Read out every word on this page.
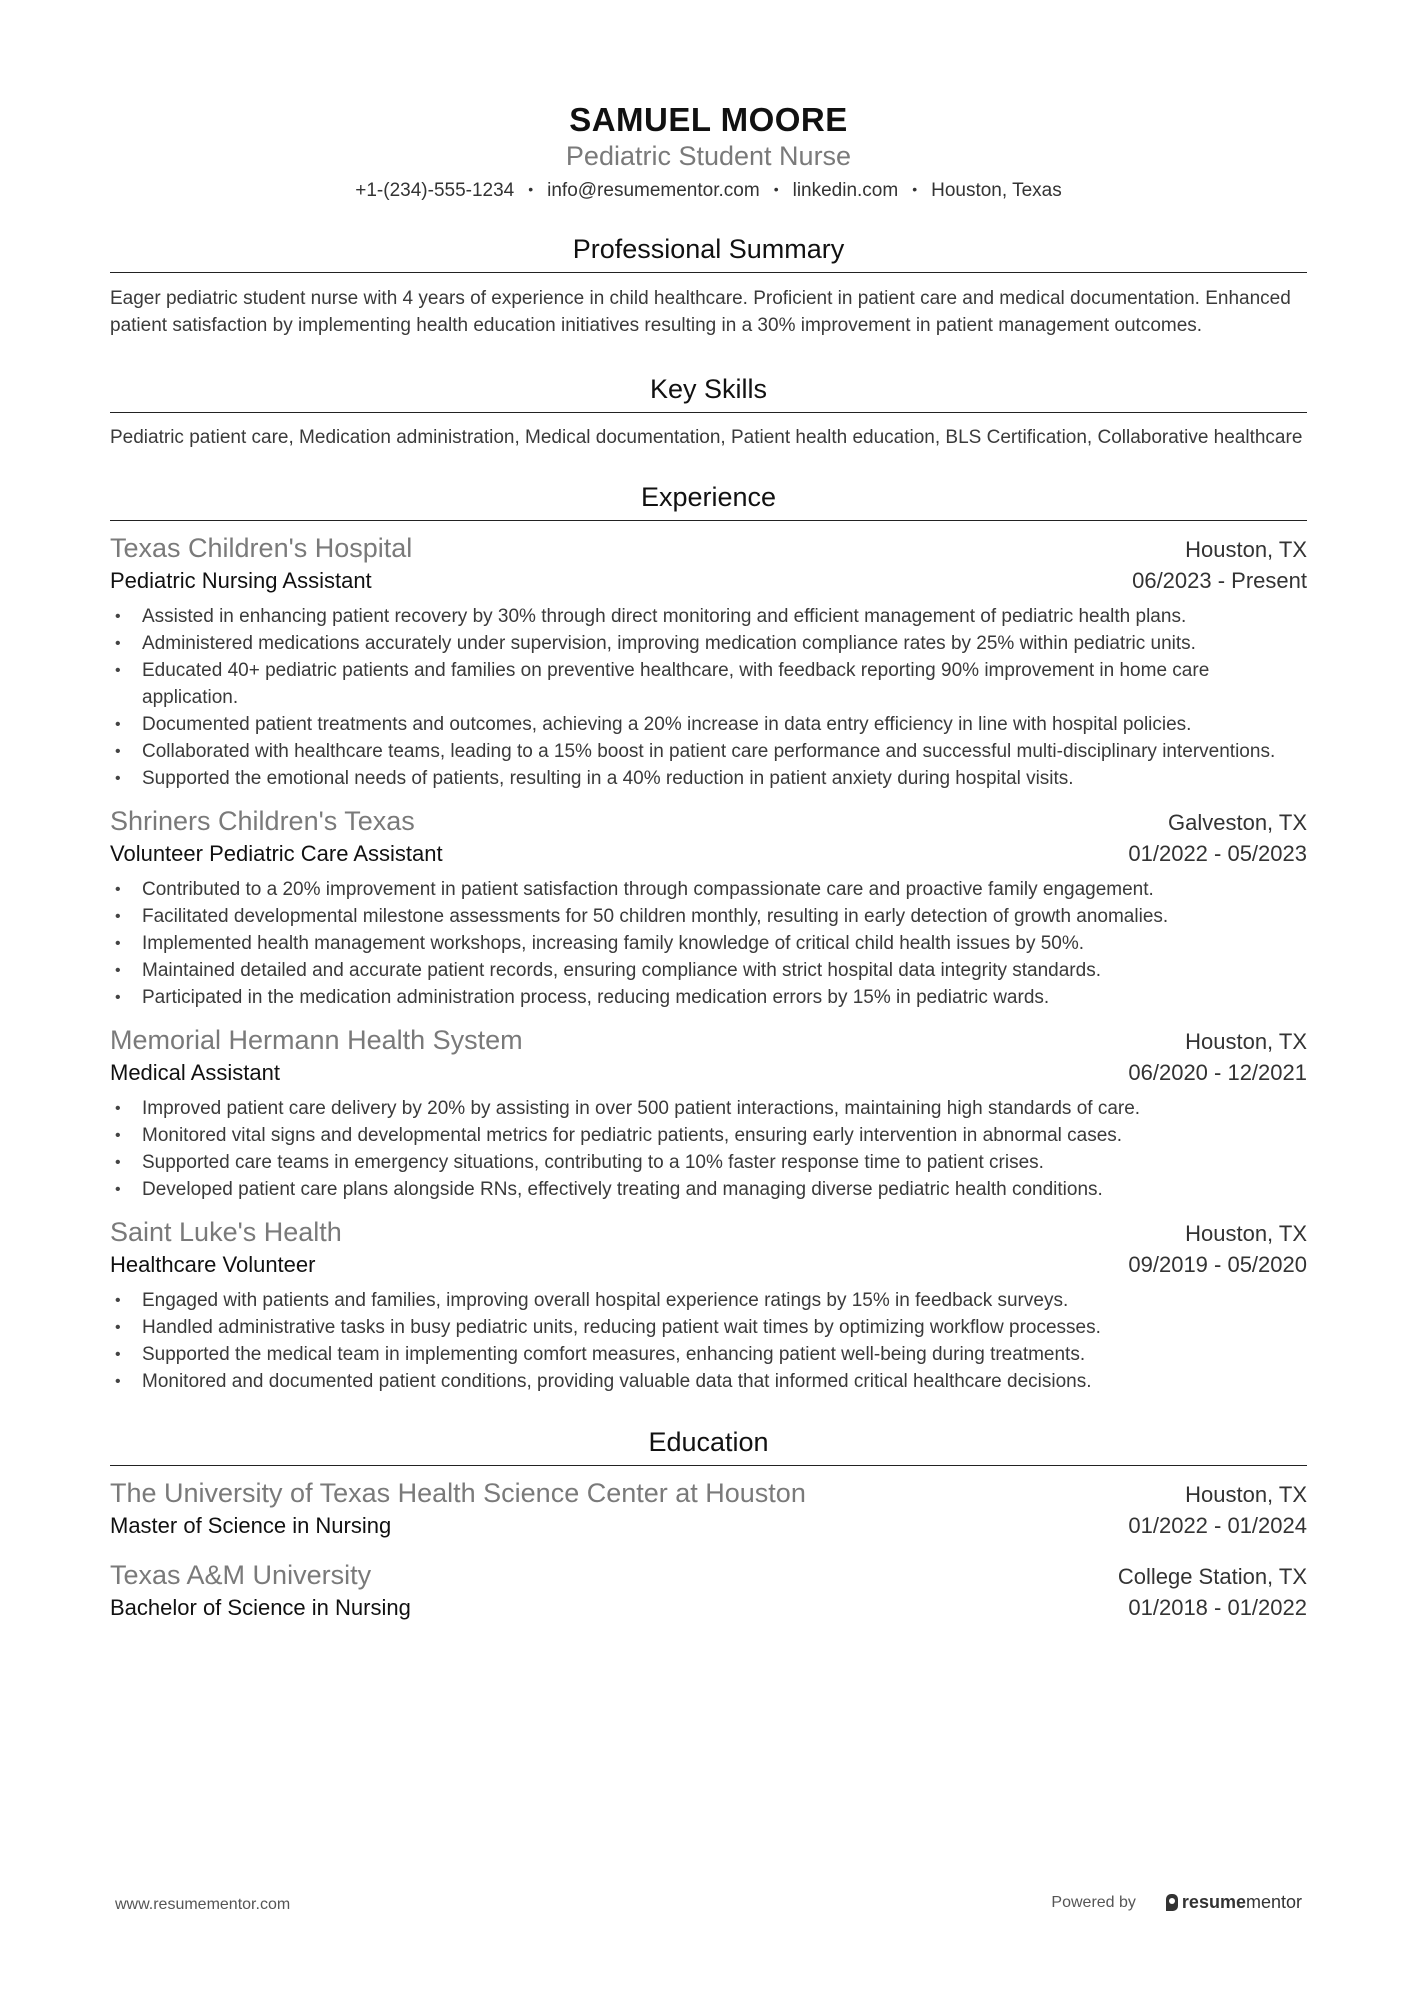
SAMUEL MOORE
Pediatric Student Nurse
+1-(234)-555-1234 • info@resumementor.com • linkedin.com • Houston, Texas
Professional Summary
Eager pediatric student nurse with 4 years of experience in child healthcare. Proficient in patient care and medical documentation. Enhanced patient satisfaction by implementing health education initiatives resulting in a 30% improvement in patient management outcomes.
Key Skills
Pediatric patient care, Medication administration, Medical documentation, Patient health education, BLS Certification, Collaborative healthcare
Experience
Texas Children's Hospital	Houston, TX
Pediatric Nursing Assistant	06/2023 - Present
• Assisted in enhancing patient recovery by 30% through direct monitoring and efficient management of pediatric health plans.
• Administered medications accurately under supervision, improving medication compliance rates by 25% within pediatric units.
• Educated 40+ pediatric patients and families on preventive healthcare, with feedback reporting 90% improvement in home care application.
• Documented patient treatments and outcomes, achieving a 20% increase in data entry efficiency in line with hospital policies.
• Collaborated with healthcare teams, leading to a 15% boost in patient care performance and successful multi-disciplinary interventions.
• Supported the emotional needs of patients, resulting in a 40% reduction in patient anxiety during hospital visits.
Shriners Children's Texas	Galveston, TX
Volunteer Pediatric Care Assistant	01/2022 - 05/2023
• Contributed to a 20% improvement in patient satisfaction through compassionate care and proactive family engagement.
• Facilitated developmental milestone assessments for 50 children monthly, resulting in early detection of growth anomalies.
• Implemented health management workshops, increasing family knowledge of critical child health issues by 50%.
• Maintained detailed and accurate patient records, ensuring compliance with strict hospital data integrity standards.
• Participated in the medication administration process, reducing medication errors by 15% in pediatric wards.
Memorial Hermann Health System	Houston, TX
Medical Assistant	06/2020 - 12/2021
• Improved patient care delivery by 20% by assisting in over 500 patient interactions, maintaining high standards of care.
• Monitored vital signs and developmental metrics for pediatric patients, ensuring early intervention in abnormal cases.
• Supported care teams in emergency situations, contributing to a 10% faster response time to patient crises.
• Developed patient care plans alongside RNs, effectively treating and managing diverse pediatric health conditions.
Saint Luke's Health	Houston, TX
Healthcare Volunteer	09/2019 - 05/2020
• Engaged with patients and families, improving overall hospital experience ratings by 15% in feedback surveys.
• Handled administrative tasks in busy pediatric units, reducing patient wait times by optimizing workflow processes.
• Supported the medical team in implementing comfort measures, enhancing patient well-being during treatments.
• Monitored and documented patient conditions, providing valuable data that informed critical healthcare decisions.
Education
The University of Texas Health Science Center at Houston	Houston, TX
Master of Science in Nursing	01/2022 - 01/2024
Texas A&M University	College Station, TX
Bachelor of Science in Nursing	01/2018 - 01/2022
www.resumementor.com	Powered by	resume mentor
